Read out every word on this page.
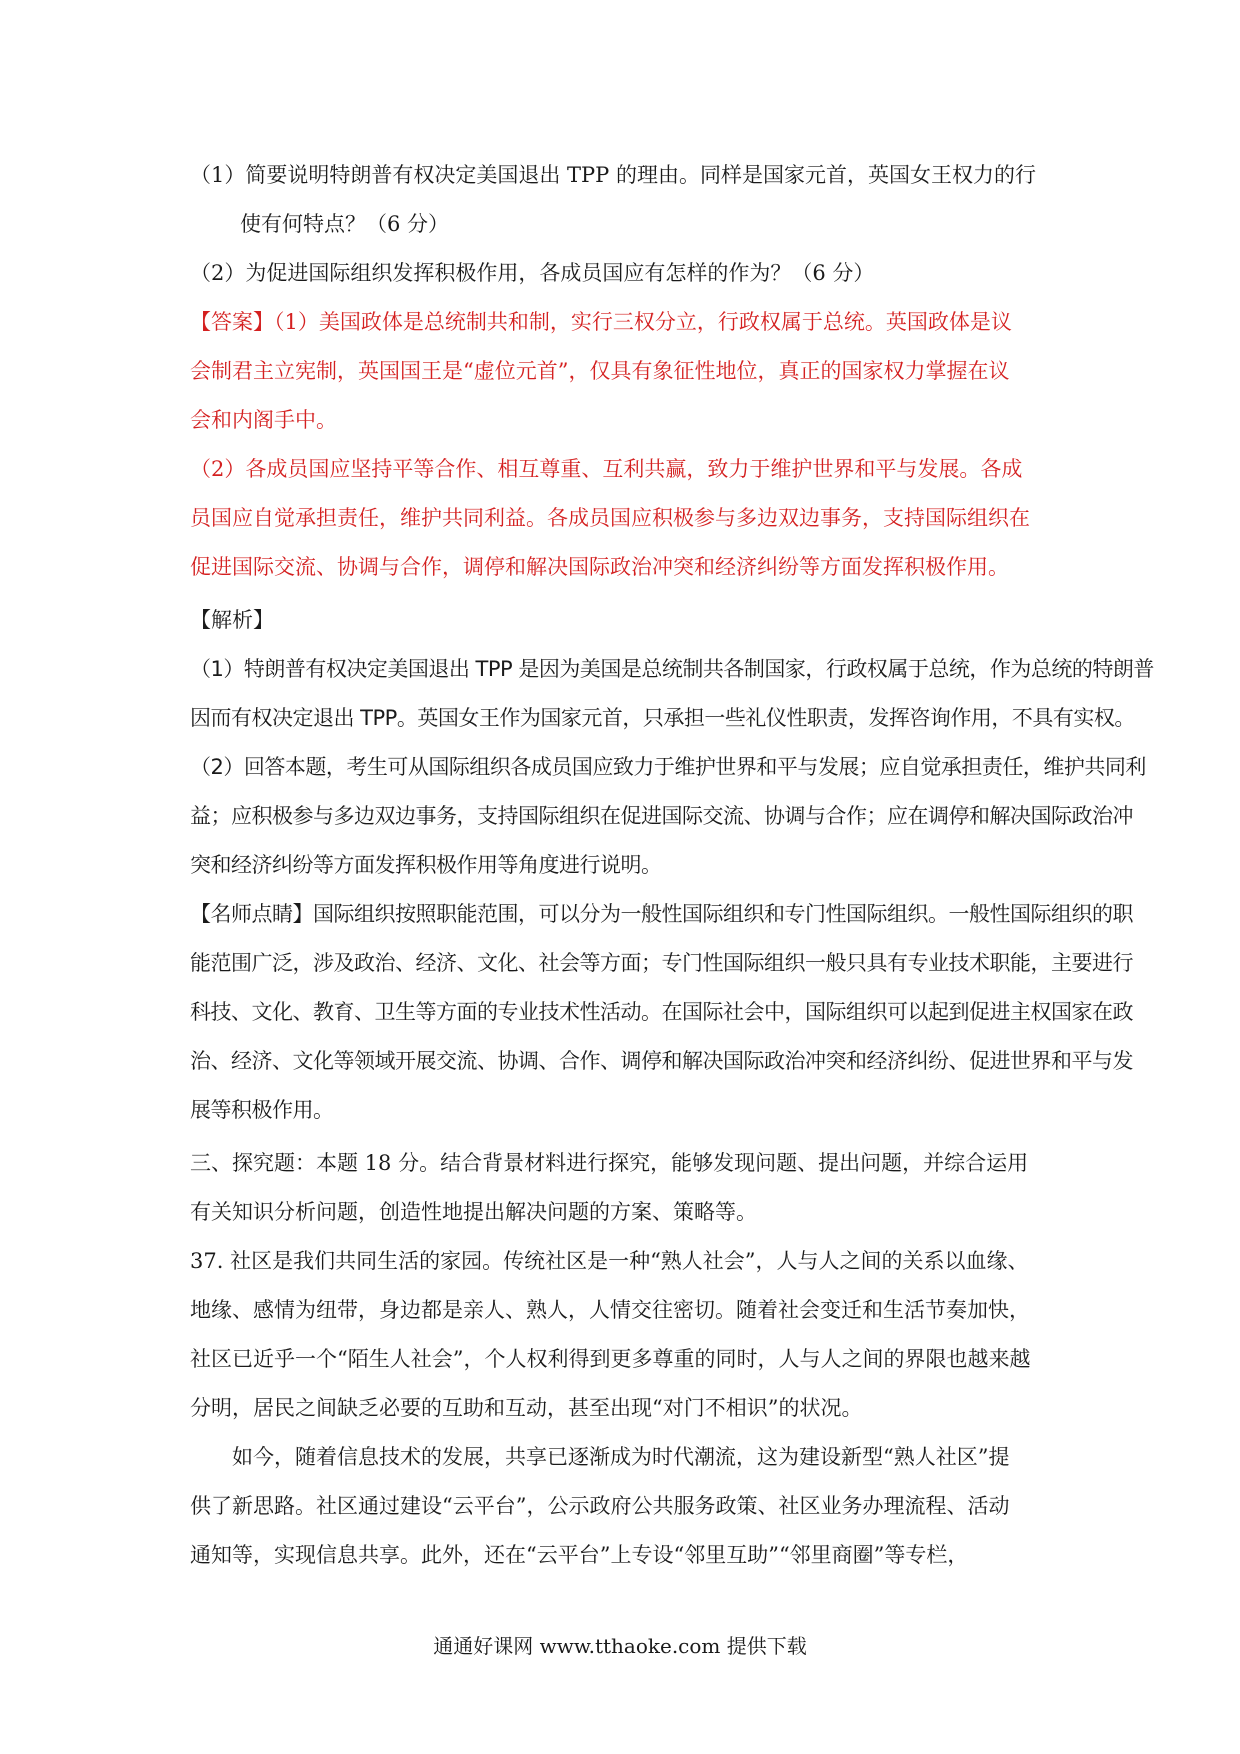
（1）简要说明特朗普有权决定美国退出 TPP 的理由。同样是国家元首，英国女王权力的行
使有何特点？（6 分）
（2）为促进国际组织发挥积极作用，各成员国应有怎样的作为？（6 分）
【答案】（1）美国政体是总统制共和制，实行三权分立，行政权属于总统。英国政体是议
会制君主立宪制，英国国王是“虚位元首”，仅具有象征性地位，真正的国家权力掌握在议
会和内阁手中。
（2）各成员国应坚持平等合作、相互尊重、互利共赢，致力于维护世界和平与发展。各成
员国应自觉承担责任，维护共同利益。各成员国应积极参与多边双边事务，支持国际组织在
促进国际交流、协调与合作，调停和解决国际政治冲突和经济纠纷等方面发挥积极作用。
【解析】
（1）特朗普有权决定美国退出 TPP 是因为美国是总统制共各制国家，行政权属于总统，作为总统的特朗普
因而有权决定退出 TPP。英国女王作为国家元首，只承担一些礼仪性职责，发挥咨询作用，不具有实权。
（2）回答本题，考生可从国际组织各成员国应致力于维护世界和平与发展；应自觉承担责任，维护共同利
益；应积极参与多边双边事务，支持国际组织在促进国际交流、协调与合作；应在调停和解决国际政治冲
突和经济纠纷等方面发挥积极作用等角度进行说明。
【名师点睛】国际组织按照职能范围，可以分为一般性国际组织和专门性国际组织。一般性国际组织的职
能范围广泛，涉及政治、经济、文化、社会等方面；专门性国际组织一般只具有专业技术职能，主要进行
科技、文化、教育、卫生等方面的专业技术性活动。在国际社会中，国际组织可以起到促进主权国家在政
治、经济、文化等领域开展交流、协调、合作、调停和解决国际政治冲突和经济纠纷、促进世界和平与发
展等积极作用。
三、探究题：本题 18 分。结合背景材料进行探究，能够发现问题、提出问题，并综合运用
有关知识分析问题，创造性地提出解决问题的方案、策略等。
37. 社区是我们共同生活的家园。传统社区是一种“熟人社会”，人与人之间的关系以血缘、
地缘、感情为纽带，身边都是亲人、熟人，人情交往密切。随着社会变迁和生活节奏加快，
社区已近乎一个“陌生人社会”，个人权利得到更多尊重的同时，人与人之间的界限也越来越
分明，居民之间缺乏必要的互助和互动，甚至出现“对门不相识”的状况。
如今，随着信息技术的发展，共享已逐渐成为时代潮流，这为建设新型“熟人社区”提
供了新思路。社区通过建设“云平台”，公示政府公共服务政策、社区业务办理流程、活动
通知等，实现信息共享。此外，还在“云平台”上专设“邻里互助”“邻里商圈”等专栏，
通通好课网 www.tthaoke.com 提供下载
